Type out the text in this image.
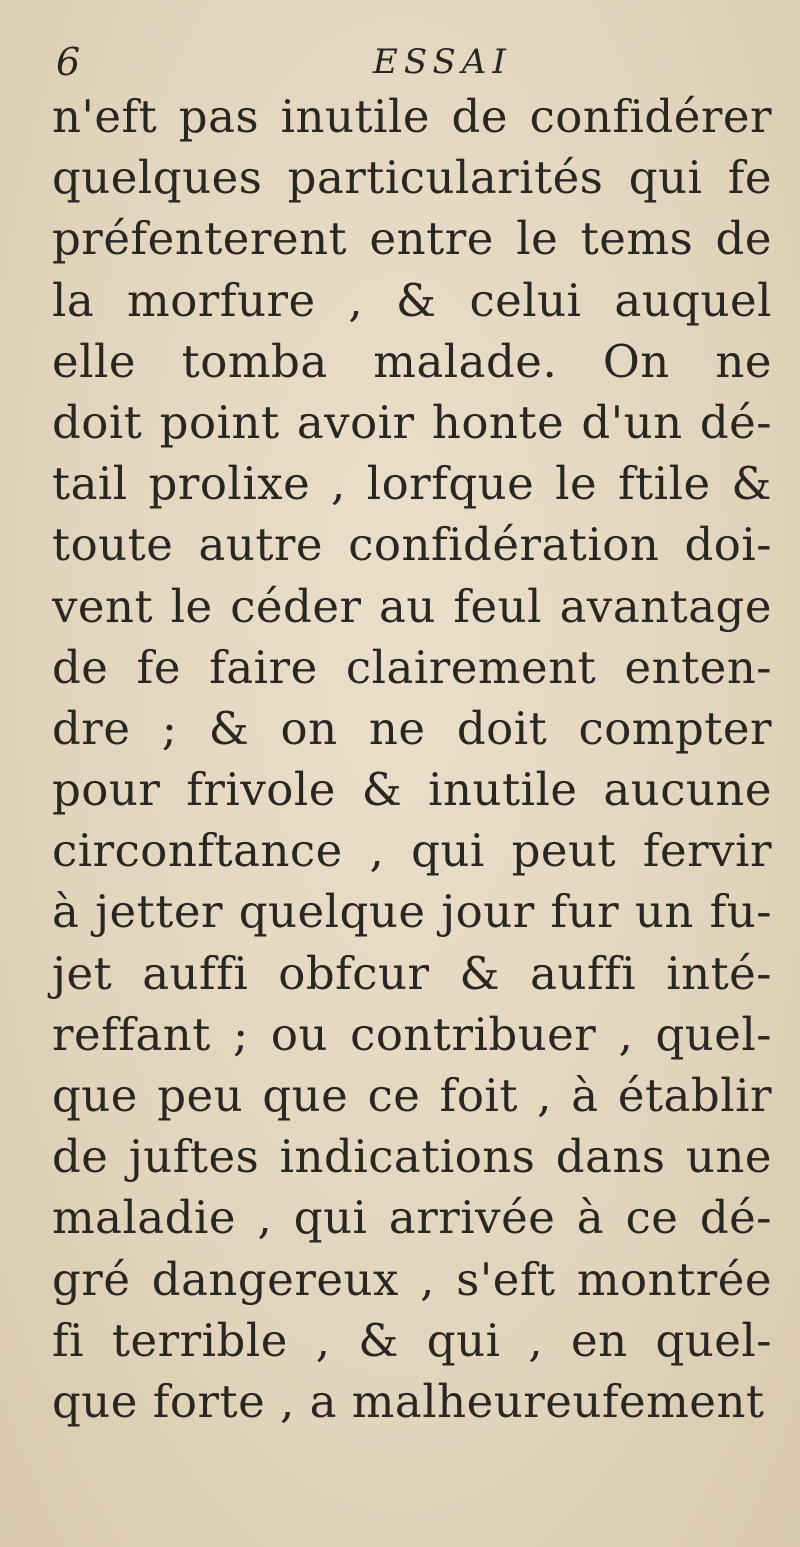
6	ESSAI
n'eft pas inutile de confidérer
quelques particularités qui fe
préfenterent entre le tems de
la morfure , & celui auquel
elle tomba malade. On ne
doit point avoir honte d'un dé-
tail prolixe , lorfque le ftile &
toute autre confidération doi-
vent le céder au feul avantage
de fe faire clairement enten-
dre ; & on ne doit compter
pour frivole & inutile aucune
circonftance , qui peut fervir
à jetter quelque jour fur un fu-
jet auffi obfcur & auffi inté-
reffant ; ou contribuer , quel-
que peu que ce foit , à établir
de juftes indications dans une
maladie , qui arrivée à ce dé-
gré dangereux , s'eft montrée
fi terrible , & qui , en quel-
que forte , a malheureufement
